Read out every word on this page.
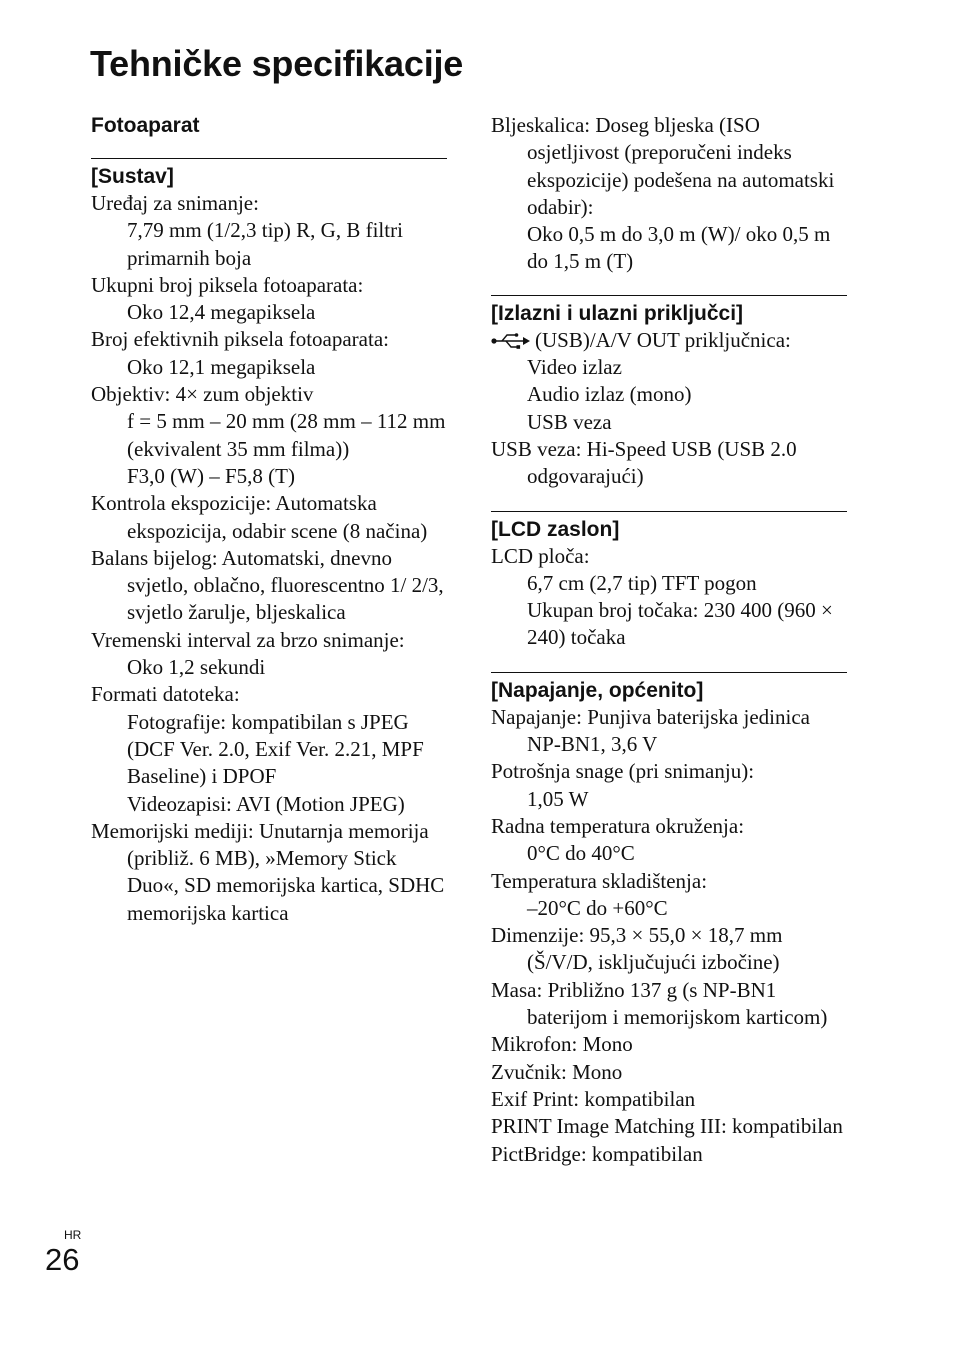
Tehničke specifikacije

Fotoaparat

[Sustav]

Uređaj za snimanje:

7,79 mm (1/2,3 tip) R, G, B filtri primarnih boja

Ukupni broj piksela fotoaparata:

Oko 12,4 megapiksela

Broj efektivnih piksela fotoaparata:

Oko 12,1 megapiksela

Objektiv: 4× zum objektiv

f = 5 mm – 20 mm (28 mm – 112 mm (ekvivalent 35 mm filma))

F3,0 (W) – F5,8 (T)

Kontrola ekspozicije: Automatska ekspozicija, odabir scene (8 načina)

Balans bijelog: Automatski, dnevno svjetlo, oblačno, fluorescentno 1/ 2/3, svjetlo žarulje, bljeskalica

Vremenski interval za brzo snimanje:

Oko 1,2 sekundi

Formati datoteka:

Fotografije: kompatibilan s JPEG (DCF Ver. 2.0, Exif Ver. 2.21, MPF Baseline) i DPOF

Videozapisi: AVI (Motion JPEG)

Memorijski mediji: Unutarnja memorija (približ. 6 MB), »Memory Stick Duo«, SD memorijska kartica, SDHC memorijska kartica

Bljeskalica: Doseg bljeska (ISO osjetljivost (preporučeni indeks ekspozicije) podešena na automatski odabir):

Oko 0,5 m do 3,0 m (W)/ oko 0,5 m do 1,5 m (T)

[Izlazni i ulazni priključci]

(USB)/A/V OUT priključnica:

Video izlaz

Audio izlaz (mono)

USB veza

USB veza: Hi-Speed USB (USB 2.0 odgovarajući)

[LCD zaslon]

LCD ploča:

6,7 cm (2,7 tip) TFT pogon

Ukupan broj točaka: 230 400 (960 × 240) točaka

[Napajanje, općenito]

Napajanje: Punjiva baterijska jedinica

NP-BN1, 3,6 V

Potrošnja snage (pri snimanju):

1,05 W

Radna temperatura okruženja:

0°C do 40°C

Temperatura skladištenja:

–20°C do +60°C

Dimenzije: 95,3 × 55,0 × 18,7 mm (Š/V/D, isključujući izbočine)

Masa: Približno 137 g (s NP-BN1 baterijom i memorijskom karticom)

Mikrofon: Mono

Zvučnik: Mono

Exif Print: kompatibilan

PRINT Image Matching III: kompatibilan

PictBridge: kompatibilan

HR
26
